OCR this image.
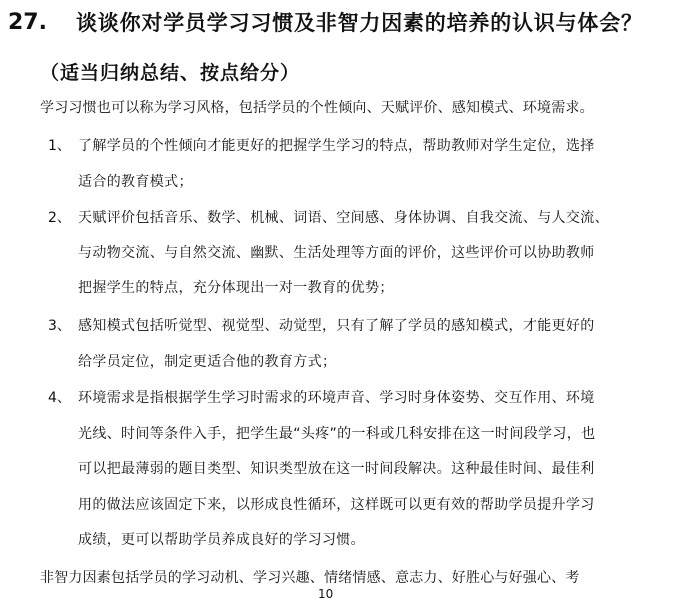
27. 谈谈你对学员学习习惯及非智力因素的培养的认识与体会？
（适当归纳总结、按点给分）
学习习惯也可以称为学习风格，包括学员的个性倾向、天赋评价、感知模式、环境需求。
1、 了解学员的个性倾向才能更好的把握学生学习的特点，帮助教师对学生定位，选择
适合的教育模式；
2、 天赋评价包括音乐、数学、机械、词语、空间感、身体协调、自我交流、与人交流、
与动物交流、与自然交流、幽默、生活处理等方面的评价，这些评价可以协助教师
把握学生的特点，充分体现出一对一教育的优势；
3、 感知模式包括听觉型、视觉型、动觉型，只有了解了学员的感知模式，才能更好的
给学员定位，制定更适合他的教育方式；
4、 环境需求是指根据学生学习时需求的环境声音、学习时身体姿势、交互作用、环境
光线、时间等条件入手，把学生最“头疼”的一科或几科安排在这一时间段学习，也
可以把最薄弱的题目类型、知识类型放在这一时间段解决。这种最佳时间、最佳利
用的做法应该固定下来，以形成良性循环，这样既可以更有效的帮助学员提升学习
成绩，更可以帮助学员养成良好的学习习惯。
非智力因素包括学员的学习动机、学习兴趣、情绪情感、意志力、好胜心与好强心、考
10
